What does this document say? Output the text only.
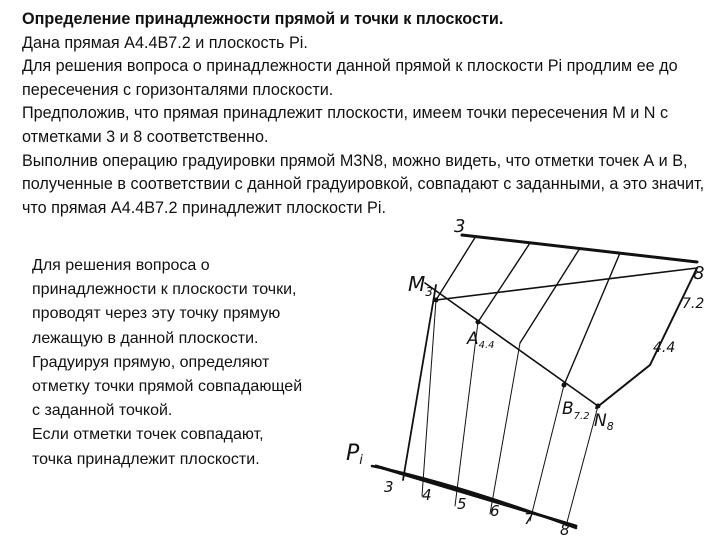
Определение принадлежности прямой и точки к плоскости.

Дана прямая А4.4В7.2 и плоскость Pi.

Для решения вопроса о принадлежности данной прямой к плоскости Pi продлим ее до пересечения с горизонталями плоскости.

Предположив, что прямая принадлежит плоскости, имеем точки пересечения M и N с отметками 3 и 8 соответственно.

Выполнив операцию градуировки прямой M3N8, можно видеть, что отметки точек А и В, полученные в соответствии с данной градуировкой, совпадают с заданными, а это значит, что прямая А4.4В7.2 принадлежит плоскости Pi.

Для решения вопроса о

принадлежности к плоскости точки,

проводят через эту точку прямую

лежащую в данной плоскости.

Градуируя прямую, определяют

отметку точки прямой совпадающей

с заданной точкой.

Если отметки точек совпадают,

точка принадлежит плоскости.

3
8
7.2
4.4
$M_3$
$A_{4.4}$
$B_{7.2}$ $N_8$
Pi
3 4 5 6 7
8
